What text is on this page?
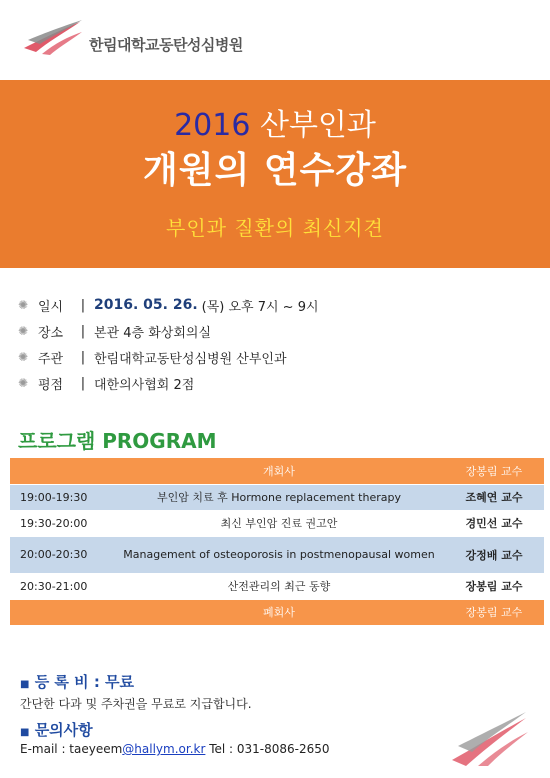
한림대학교동탄성심병원
2016 산부인과
개원의 연수강좌
부인과 질환의 최신지견
✺ 일시	| 2016. 05. 26. (목) 오후 7시 ~ 9시
✺ 장소	| 본관 4층 화상회의실
✺ 주관	| 한림대학교동탄성심병원 산부인과
✺ 평점	| 대한의사협회 2점
프로그램 PROGRAM
	개회사	장봉림 교수
19:00-19:30	부인암 치료 후 Hormone replacement therapy	조혜연 교수
19:30-20:00	최신 부인암 진료 권고안	경민선 교수
20:00-20:30	Management of osteoporosis in postmenopausal women	강정배 교수
20:30-21:00	산전관리의 최근 동향	장봉림 교수
	폐회사	장봉림 교수
■ 등 록 비 : 무료
간단한 다과 및 주차권을 무료로 지급합니다.
■ 문의사항
E-mail : taeyeem@hallym.or.kr Tel : 031-8086-2650
